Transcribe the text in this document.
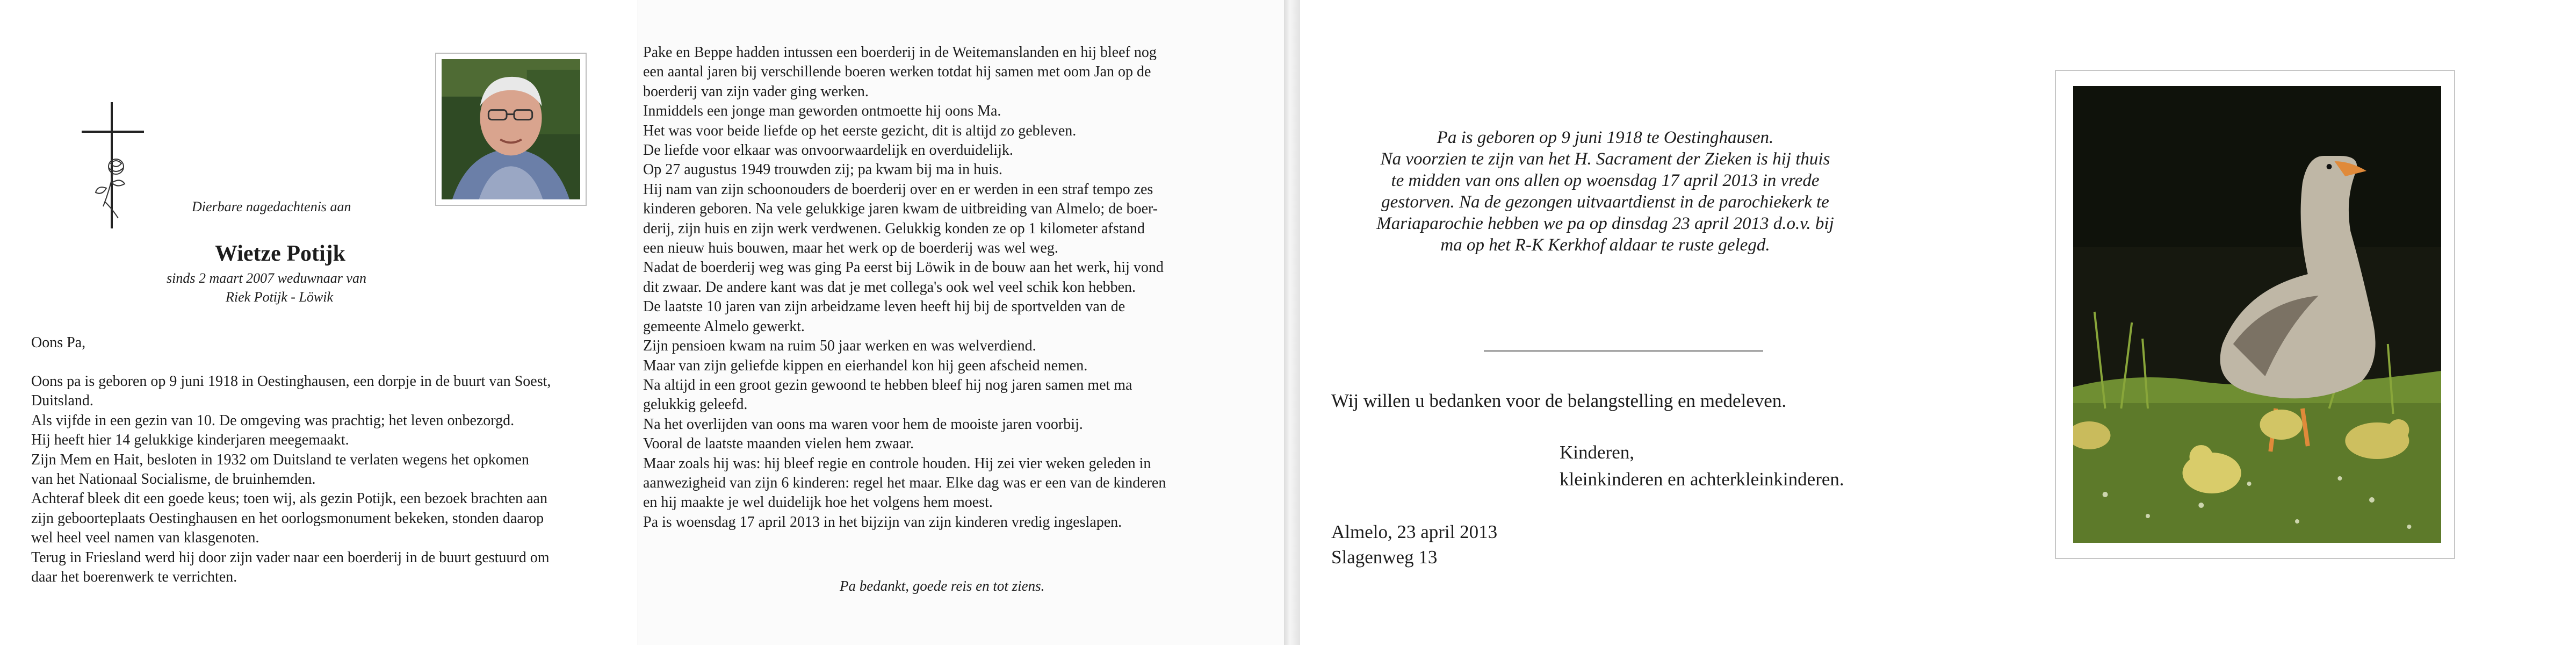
Dierbare nagedachtenis aan
Wietze Potijk
sinds 2 maart 2007 weduwnaar van
Riek Potijk - Löwik
Oons Pa,
Oons pa is geboren op 9 juni 1918 in Oestinghausen, een dorpje in de buurt van Soest,
Duitsland.
Als vijfde in een gezin van 10. De omgeving was prachtig; het leven onbezorgd.
Hij heeft hier 14 gelukkige kinderjaren meegemaakt.
Zijn Mem en Hait, besloten in 1932 om Duitsland te verlaten wegens het opkomen
van het Nationaal Socialisme, de bruinhemden.
Achteraf bleek dit een goede keus; toen wij, als gezin Potijk, een bezoek brachten aan
zijn geboorteplaats Oestinghausen en het oorlogsmonument bekeken, stonden daarop
wel heel veel namen van klasgenoten.
Terug in Friesland werd hij door zijn vader naar een boerderij in de buurt gestuurd om
daar het boerenwerk te verrichten.
Pake en Beppe hadden intussen een boerderij in de Weitemanslanden en hij bleef nog
een aantal jaren bij verschillende boeren werken totdat hij samen met oom Jan op de
boerderij van zijn vader ging werken.
Inmiddels een jonge man geworden ontmoette hij oons Ma.
Het was voor beide liefde op het eerste gezicht, dit is altijd zo gebleven.
De liefde voor elkaar was onvoorwaardelijk en overduidelijk.
Op 27 augustus 1949 trouwden zij; pa kwam bij ma in huis.
Hij nam van zijn schoonouders de boerderij over en er werden in een straf tempo zes
kinderen geboren. Na vele gelukkige jaren kwam de uitbreiding van Almelo; de boer-
derij, zijn huis en zijn werk verdwenen. Gelukkig konden ze op 1 kilometer afstand
een nieuw huis bouwen, maar het werk op de boerderij was wel weg.
Nadat de boerderij weg was ging Pa eerst bij Löwik in de bouw aan het werk, hij vond
dit zwaar. De andere kant was dat je met collega's ook wel veel schik kon hebben.
De laatste 10 jaren van zijn arbeidzame leven heeft hij bij de sportvelden van de
gemeente Almelo gewerkt.
Zijn pensioen kwam na ruim 50 jaar werken en was welverdiend.
Maar van zijn geliefde kippen en eierhandel kon hij geen afscheid nemen.
Na altijd in een groot gezin gewoond te hebben bleef hij nog jaren samen met ma
gelukkig geleefd.
Na het overlijden van oons ma waren voor hem de mooiste jaren voorbij.
Vooral de laatste maanden vielen hem zwaar.
Maar zoals hij was: hij bleef regie en controle houden. Hij zei vier weken geleden in
aanwezigheid van zijn 6 kinderen: regel het maar. Elke dag was er een van de kinderen
en hij maakte je wel duidelijk hoe het volgens hem moest.
Pa is woensdag 17 april 2013 in het bijzijn van zijn kinderen vredig ingeslapen.
Pa bedankt, goede reis en tot ziens.
Pa is geboren op 9 juni 1918 te Oestinghausen.
Na voorzien te zijn van het H. Sacrament der Zieken is hij thuis
te midden van ons allen op woensdag 17 april 2013 in vrede
gestorven. Na de gezongen uitvaartdienst in de parochiekerk te
Mariaparochie hebben we pa op dinsdag 23 april 2013 d.o.v. bij
ma op het R-K Kerkhof aldaar te ruste gelegd.
Wij willen u bedanken voor de belangstelling en medeleven.
Kinderen,
kleinkinderen en achterkleinkinderen.
Almelo, 23 april 2013
Slagenweg 13
